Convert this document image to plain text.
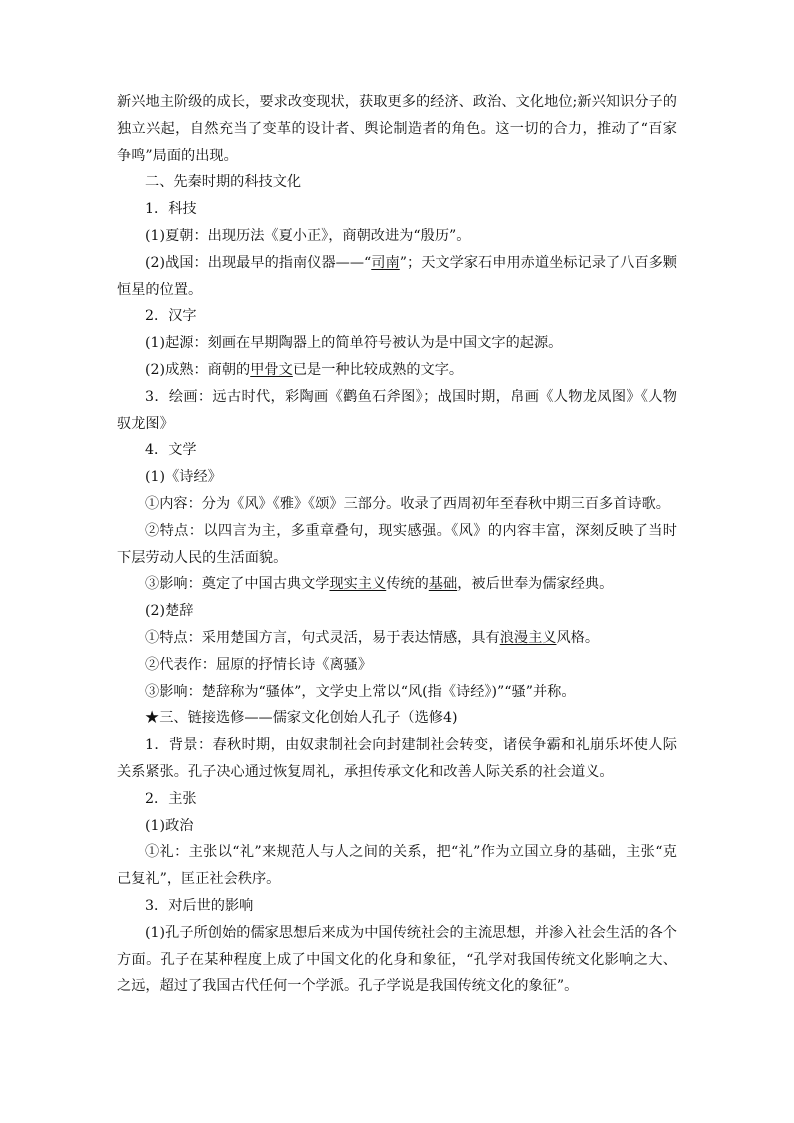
新兴地主阶级的成长，要求改变现状，获取更多的经济、政治、文化地位;新兴知识分子的独立兴起，自然充当了变革的设计者、舆论制造者的角色。这一切的合力，推动了“百家争鸣”局面的出现。

二、先秦时期的科技文化

1．科技

(1)夏朝：出现历法《夏小正》，商朝改进为“殷历”。

(2)战国：出现最早的指南仪器——“司南”；天文学家石申用赤道坐标记录了八百多颗恒星的位置。

2．汉字

(1)起源：刻画在早期陶器上的简单符号被认为是中国文字的起源。

(2)成熟：商朝的甲骨文已是一种比较成熟的文字。

3．绘画：远古时代，彩陶画《鹳鱼石斧图》；战国时期，帛画《人物龙凤图》《人物驭龙图》

4．文学

(1)《诗经》

①内容：分为《风》《雅》《颂》三部分。收录了西周初年至春秋中期三百多首诗歌。

②特点：以四言为主，多重章叠句，现实感强。《风》的内容丰富，深刻反映了当时下层劳动人民的生活面貌。

③影响：奠定了中国古典文学现实主义传统的基础，被后世奉为儒家经典。

(2)楚辞

①特点：采用楚国方言，句式灵活，易于表达情感，具有浪漫主义风格。

②代表作：屈原的抒情长诗《离骚》

③影响：楚辞称为“骚体”，文学史上常以“风(指《诗经》)”“骚”并称。

★三、链接选修——儒家文化创始人孔子（选修4)

1．背景：春秋时期，由奴隶制社会向封建制社会转变，诸侯争霸和礼崩乐坏使人际关系紧张。孔子决心通过恢复周礼，承担传承文化和改善人际关系的社会道义。

2．主张

(1)政治

①礼：主张以“礼”来规范人与人之间的关系，把“礼”作为立国立身的基础，主张“克己复礼”，匡正社会秩序。

3．对后世的影响

(1)孔子所创始的儒家思想后来成为中国传统社会的主流思想，并渗入社会生活的各个方面。孔子在某种程度上成了中国文化的化身和象征，“孔学对我国传统文化影响之大、之远，超过了我国古代任何一个学派。孔子学说是我国传统文化的象征”。
